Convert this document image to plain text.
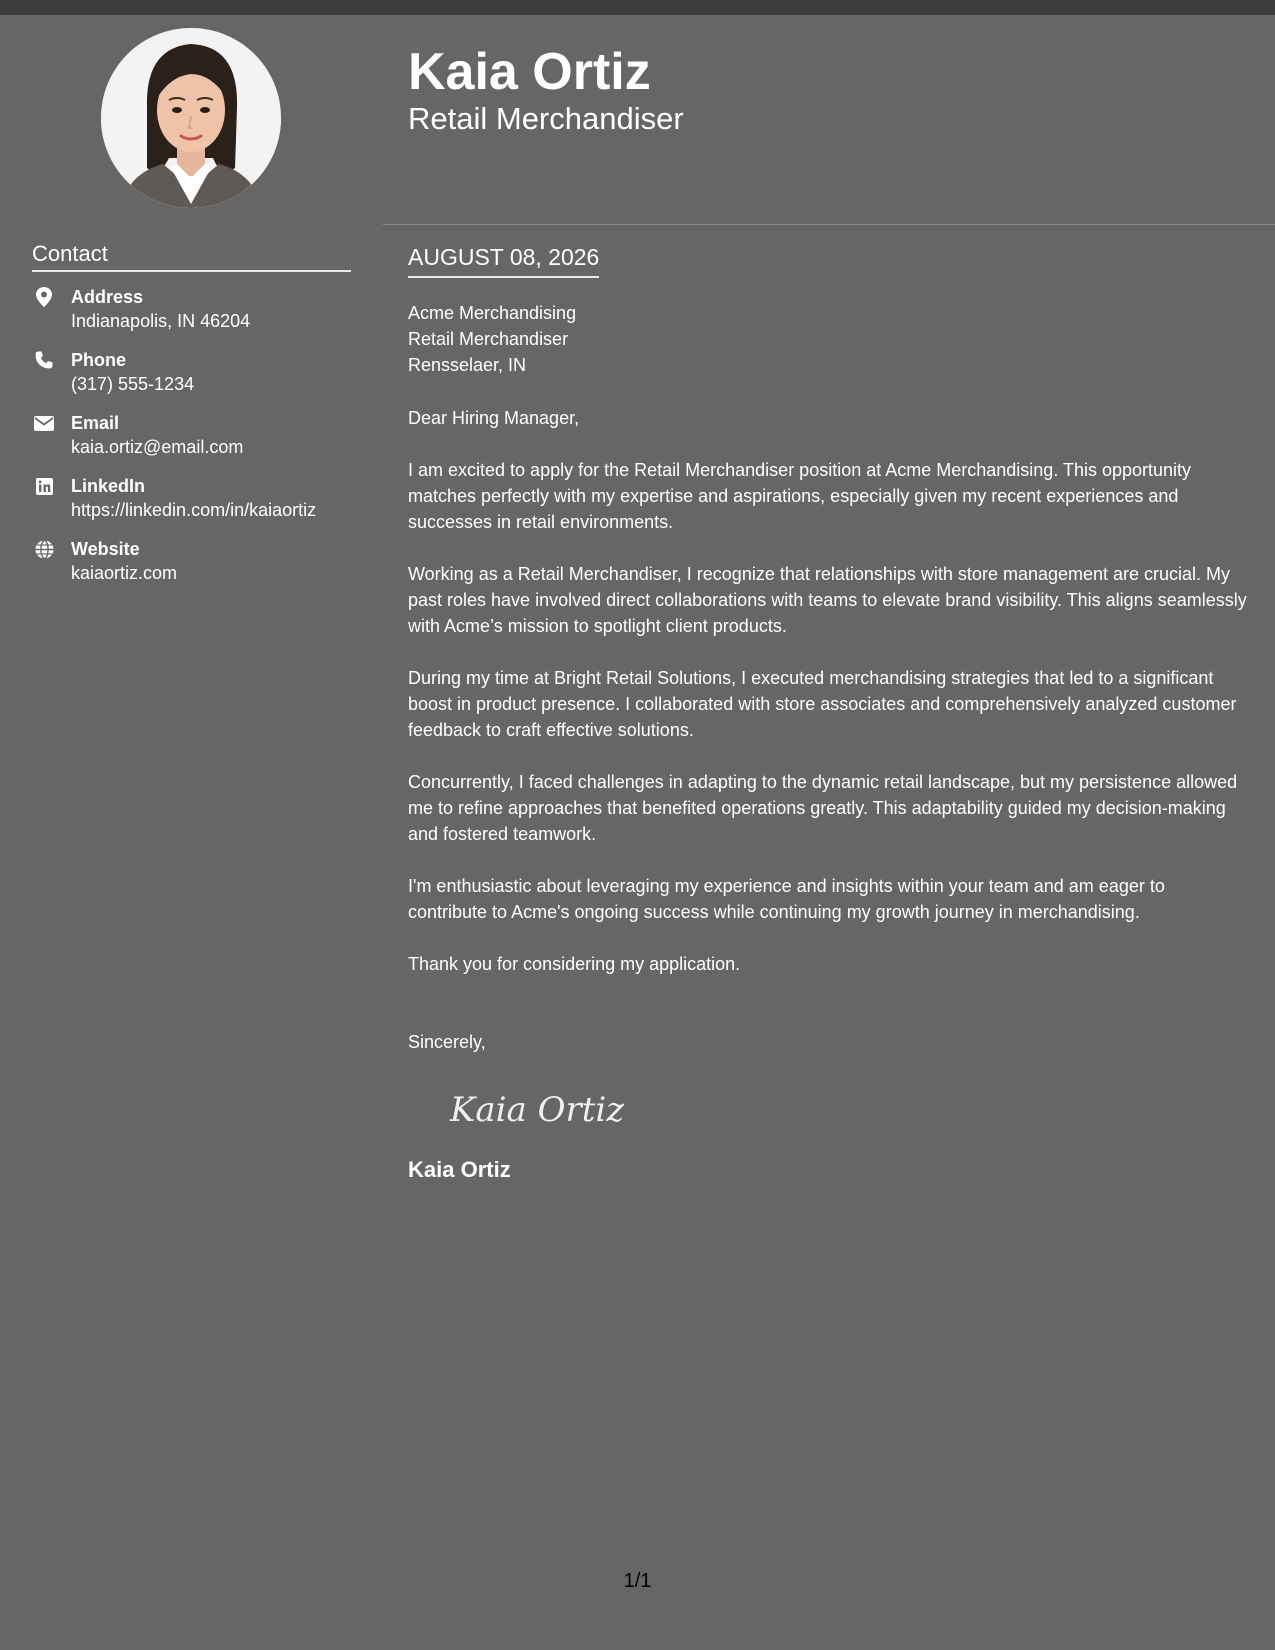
Contact
Address
Indianapolis, IN 46204
Phone
(317) 555-1234
Email
kaia.ortiz@email.com
LinkedIn
https://linkedin.com/in/kaiaortiz
Website
kaiaortiz.com
Kaia Ortiz
Retail Merchandiser
AUGUST 08, 2026
Acme Merchandising
Retail Merchandiser
Rensselaer, IN
Dear Hiring Manager,
I am excited to apply for the Retail Merchandiser position at Acme Merchandising. This opportunity matches perfectly with my expertise and aspirations, especially given my recent experiences and successes in retail environments.
Working as a Retail Merchandiser, I recognize that relationships with store management are crucial. My past roles have involved direct collaborations with teams to elevate brand visibility. This aligns seamlessly with Acme’s mission to spotlight client products.
During my time at Bright Retail Solutions, I executed merchandising strategies that led to a significant boost in product presence. I collaborated with store associates and comprehensively analyzed customer feedback to craft effective solutions.
Concurrently, I faced challenges in adapting to the dynamic retail landscape, but my persistence allowed me to refine approaches that benefited operations greatly. This adaptability guided my decision-making and fostered teamwork.
I'm enthusiastic about leveraging my experience and insights within your team and am eager to contribute to Acme's ongoing success while continuing my growth journey in merchandising.
Thank you for considering my application.
Sincerely,
Kaia Ortiz
Kaia Ortiz
1/1
